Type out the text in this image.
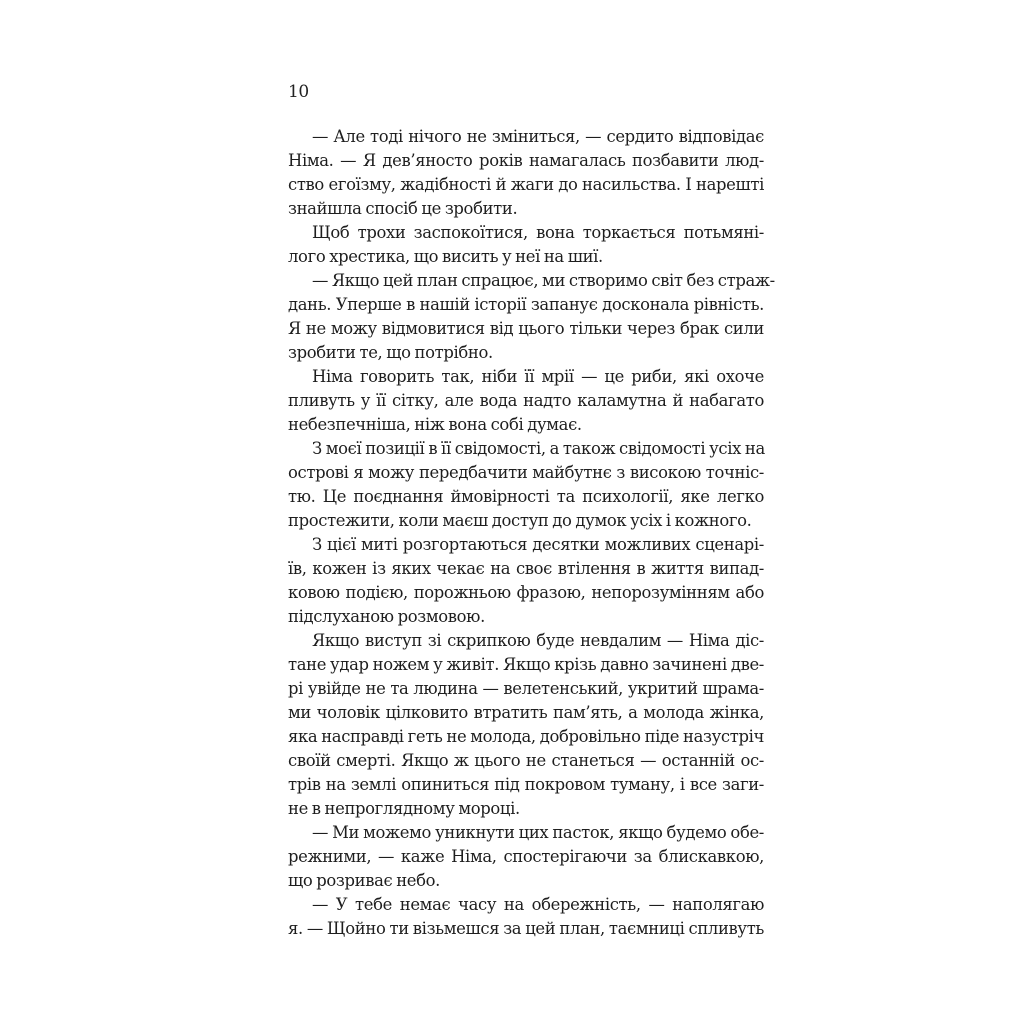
10
— Але тоді нічого не зміниться, — сердито відповідає
Німа. — Я дев’яносто років намагалась позбавити люд-
ство егоїзму, жадібності й жаги до насильства. І нарешті
знайшла спосіб це зробити.
Щоб трохи заспокоїтися, вона торкається потьмяні-
лого хрестика, що висить у неї на шиї.
— Якщо цей план спрацює, ми створимо світ без страж-
дань. Уперше в нашій історії запанує досконала рівність.
Я не можу відмовитися від цього тільки через брак сили
зробити те, що потрібно.
Німа говорить так, ніби її мрії — це риби, які охоче
пливуть у її сітку, але вода надто каламутна й набагато
небезпечніша, ніж вона собі думає.
З моєї позиції в її свідомості, а також свідомості усіх на
острові я можу передбачити майбутнє з високою точніс-
тю. Це поєднання ймовірності та психології, яке легко
простежити, коли маєш доступ до думок усіх і кожного.
З цієї миті розгортаються десятки можливих сценарі-
їв, кожен із яких чекає на своє втілення в життя випад-
ковою подією, порожньою фразою, непорозумінням або
підслуханою розмовою.
Якщо виступ зі скрипкою буде невдалим — Німа діс-
тане удар ножем у живіт. Якщо крізь давно зачинені две-
рі увійде не та людина — велетенський, укритий шрама-
ми чоловік цілковито втратить пам’ять, а молода жінка,
яка насправді геть не молода, добровільно піде назустріч
своїй смерті. Якщо ж цього не станеться — останній ос-
трів на землі опиниться під покровом туману, і все заги-
не в непроглядному мороці.
— Ми можемо уникнути цих пасток, якщо будемо обе-
режними, — каже Німа, спостерігаючи за блискавкою,
що розриває небо.
— У тебе немає часу на обережність, — наполягаю
я. — Щойно ти візьмешся за цей план, таємниці спливуть
